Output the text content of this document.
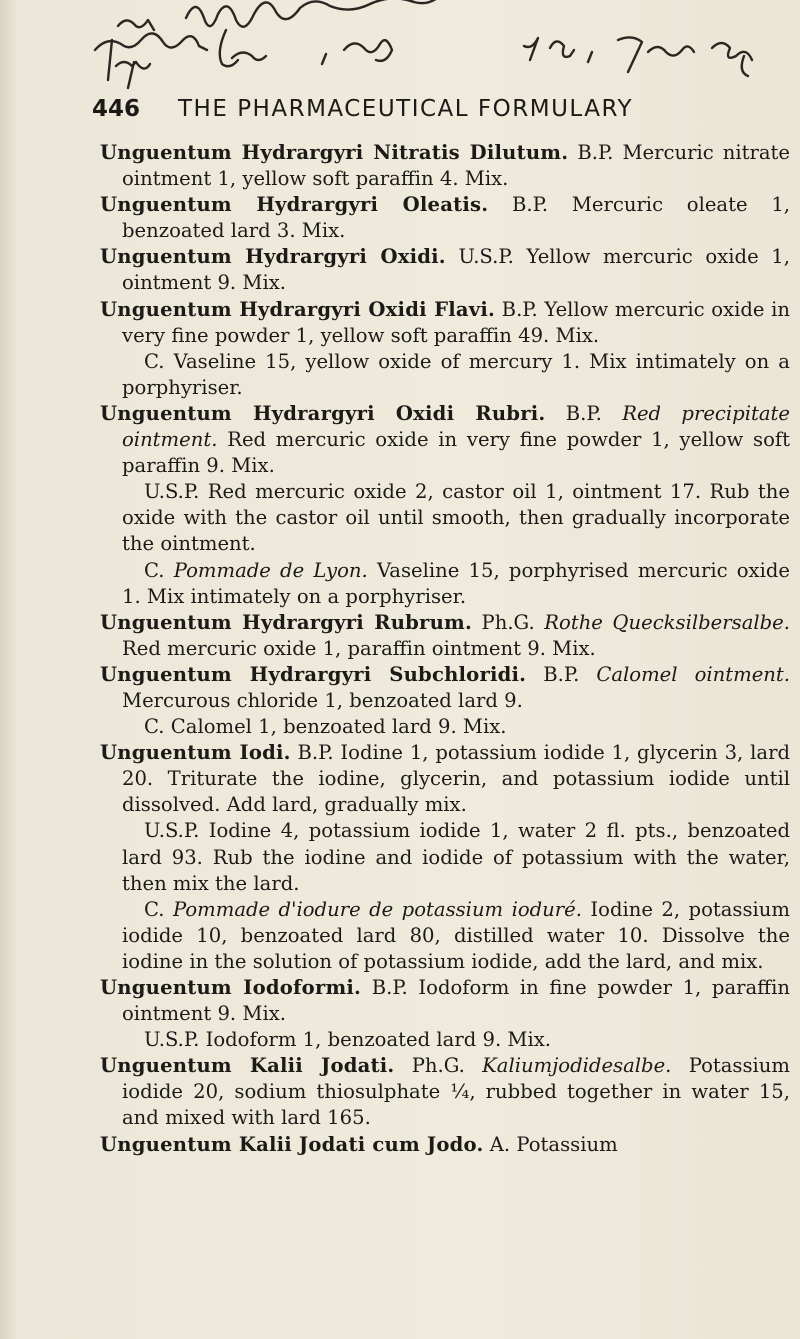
446 THE PHARMACEUTICAL FORMULARY

Unguentum Hydrargyri Nitratis Dilutum. B.P. Mercuric nitrate ointment 1, yellow soft paraffin 4. Mix.

Unguentum Hydrargyri Oleatis. B.P. Mercuric oleate 1, benzoated lard 3. Mix.

Unguentum Hydrargyri Oxidi. U.S.P. Yellow mercuric oxide 1, ointment 9. Mix.

Unguentum Hydrargyri Oxidi Flavi. B.P. Yellow mercuric oxide in very fine powder 1, yellow soft paraffin 49. Mix.

C. Vaseline 15, yellow oxide of mercury 1. Mix intimately on a porphyriser.

Unguentum Hydrargyri Oxidi Rubri. B.P. Red precipitate ointment. Red mercuric oxide in very fine powder 1, yellow soft paraffin 9. Mix.

U.S.P. Red mercuric oxide 2, castor oil 1, ointment 17. Rub the oxide with the castor oil until smooth, then gradually incorporate the ointment.

C. Pommade de Lyon. Vaseline 15, porphyrised mercuric oxide 1. Mix intimately on a porphyriser.

Unguentum Hydrargyri Rubrum. Ph.G. Rothe Quecksilbersalbe. Red mercuric oxide 1, paraffin ointment 9. Mix.

Unguentum Hydrargyri Subchloridi. B.P. Calomel ointment. Mercurous chloride 1, benzoated lard 9.

C. Calomel 1, benzoated lard 9. Mix.

Unguentum Iodi. B.P. Iodine 1, potassium iodide 1, glycerin 3, lard 20. Triturate the iodine, glycerin, and potassium iodide until dissolved. Add lard, gradually mix.

U.S.P. Iodine 4, potassium iodide 1, water 2 fl. pts., benzoated lard 93. Rub the iodine and iodide of potassium with the water, then mix the lard.

C. Pommade d'iodure de potassium ioduré. Iodine 2, potassium iodide 10, benzoated lard 80, distilled water 10. Dissolve the iodine in the solution of potassium iodide, add the lard, and mix.

Unguentum Iodoformi. B.P. Iodoform in fine powder 1, paraffin ointment 9. Mix.

U.S.P. Iodoform 1, benzoated lard 9. Mix.

Unguentum Kalii Jodati. Ph.G. Kaliumjodidesalbe. Potassium iodide 20, sodium thiosulphate ¼, rubbed together in water 15, and mixed with lard 165.

Unguentum Kalii Jodati cum Jodo. A. Potassium
